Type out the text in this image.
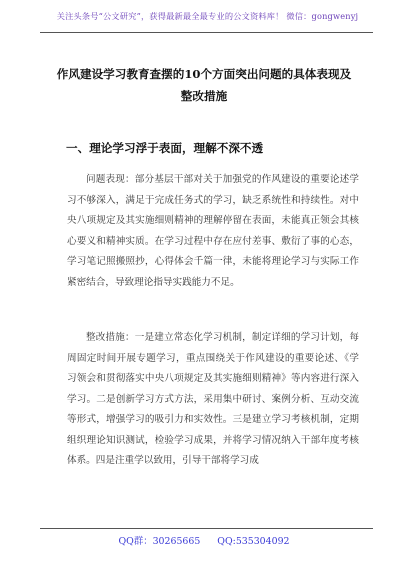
关注头条号“公文研究”，获得最新最全最专业的公文资料库！ 微信：gongwenyj
作风建设学习教育查摆的10个方面突出问题的具体表现及
整改措施
一、理论学习浮于表面，理解不深不透

问题表现：部分基层干部对关于加强党的作风建设的重要论述学习不够深入，满足于完成任务式的学习，缺乏系统性和持续性。对中央八项规定及其实施细则精神的理解停留在表面，未能真正领会其核心要义和精神实质。在学习过程中存在应付差事、敷衍了事的心态，学习笔记照搬照抄，心得体会千篇一律，未能将理论学习与实际工作紧密结合，导致理论指导实践能力不足。

整改措施：一是建立常态化学习机制，制定详细的学习计划，每周固定时间开展专题学习，重点围绕关于作风建设的重要论述、《学习领会和贯彻落实中央八项规定及其实施细则精神》等内容进行深入学习。二是创新学习方式方法，采用集中研讨、案例分析、互动交流等形式，增强学习的吸引力和实效性。三是建立学习考核机制，定期组织理论知识测试，检验学习成果，并将学习情况纳入干部年度考核体系。四是注重学以致用，引导干部将学习成

QQ群：30265665 QQ:535304092
